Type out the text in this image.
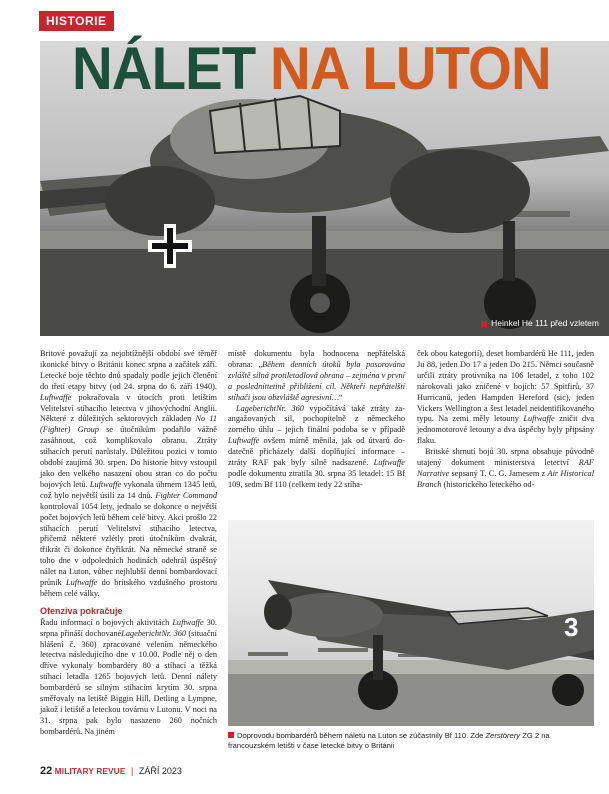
HISTORIE
NÁLET NA LUTON
Heinkel He 111 před vzletem

Britové považují za nejobtížnější období své těměř ikonické bitvy o Británii konec srpna a začátek září. Letecké boje těchto dnů spadaly podle jejich členění do třetí etapy bitvy (od 24. srpna do 6. září 1940). Luftwaffe pokračovala v útocích proti letištím Velitelství stíhacího letectva v jihovýchodní Anglii. Některé z důležitých sektorových základen No 11 (Fighter) Group se útočníkům podařilo vážně zasáhnout, což komplikovalo obranu. Ztráty stíhacích perutí narůstaly. Důležitou pozici v tomto období zaujímá 30. srpen. Do historie bitvy vstoupil jako den velkého nasazení obou stran co do počtu bojových letů. Luftwaffe vykonala úhrnem 1345 letů, což bylo největší úsilí za 14 dnů. Fighter Command kontroloval 1054 lety, jednalo se dokonce o největší počet bojových letů během celé bitvy. Akci prošlo 22 stíhacích perutí Velitelství stíhacího letectva, přičemž některé vzlétly proti útočníkům dvakrát, třikrát či dokonce čtyřikrát. Na německé straně se toho dne v odpoledních hodinách odehrál úspěšný nálet na Luton, vůbec nejhlubší denní bombardovací průnik Luftwaffe do britského vzdušného prostoru během celé války.

Ofenziva pokračuje

Řadu informací o bojových aktivitách Luftwaffe 30. srpna přináší dochovanéLageberichtNr. 360 (situační hlášení č. 360) zpracované velením německého letectva následujícího dne v 10.00. Podle něj o den dříve vykonaly bombardéry 80 a stíhací a těžká stíhací letadla 1265 bojových letů. Denní nálety bombardérů se silným stíhacím krytím 30. srpna směřovaly na letiště Biggin Hill, Detling a Lympne, jakož i letiště a leteckou továrnu v Lutonu. V noci na 31. srpna pak bylo nasazeno 260 nočních bombardérů. Na jiném

místě dokumentu byla hodnocena nepřátelská obrana: „Během denních útoků byla posorována zvláště silná protiletadlová obrana – zejména v první a posledníttetině přibližení cíl. Někteří nepřátelští stíhači jsou obzvláště agresivní…“

LageberichtNr. 360 vypočítává také ztráty zaangažovaných sil, pochopitelně z německého zorného úhlu – jejich finální podoba se v případě Luftwaffe ovšem mírně měnila, jak od útvarů dodatečně přicházely další doplňující informace – ztráty RAF pak byly silně nadsazené. Luftwaffe podle dokumentu ztratila 30. srpna 35 letadel: 15 Bf 109, sedm Bf 110 (celkem tedy 22 stíha-

ček obou kategorií), deset bombardérů He 111, jeden Ju 88, jeden Do 17 a jeden Do 215. Němci současně určili ztráty protivníka na 106 letadel, z toho 102 nárokovali jako zničené v bojích: 57 Spitfirů, 37 Hurricanů, jeden Hampden Hereford (sic), jeden Vickers Wellington a šest letadel neidentifikovaného typu. Na zemi měly letouny Luftwaffe zničit dva jednomotorové letouny a dva úspěchy byly připsány flaku.

Britské shrnutí bojů 30. srpna obsahuje původně utajený dokument ministerstva letectví RAF Narrative sepsaný T. C. G. Jamesem z Air Historical Branch (historického leteckého od-

3
Doprovodu bombardérů během náletu na Luton se zúčastnily Bf 110. Zde Zerstörery ZG 2 na francouzském letišti v čase letecké bitvy o Británii
22 MILITARY REVUE | ZÁŘÍ 2023
